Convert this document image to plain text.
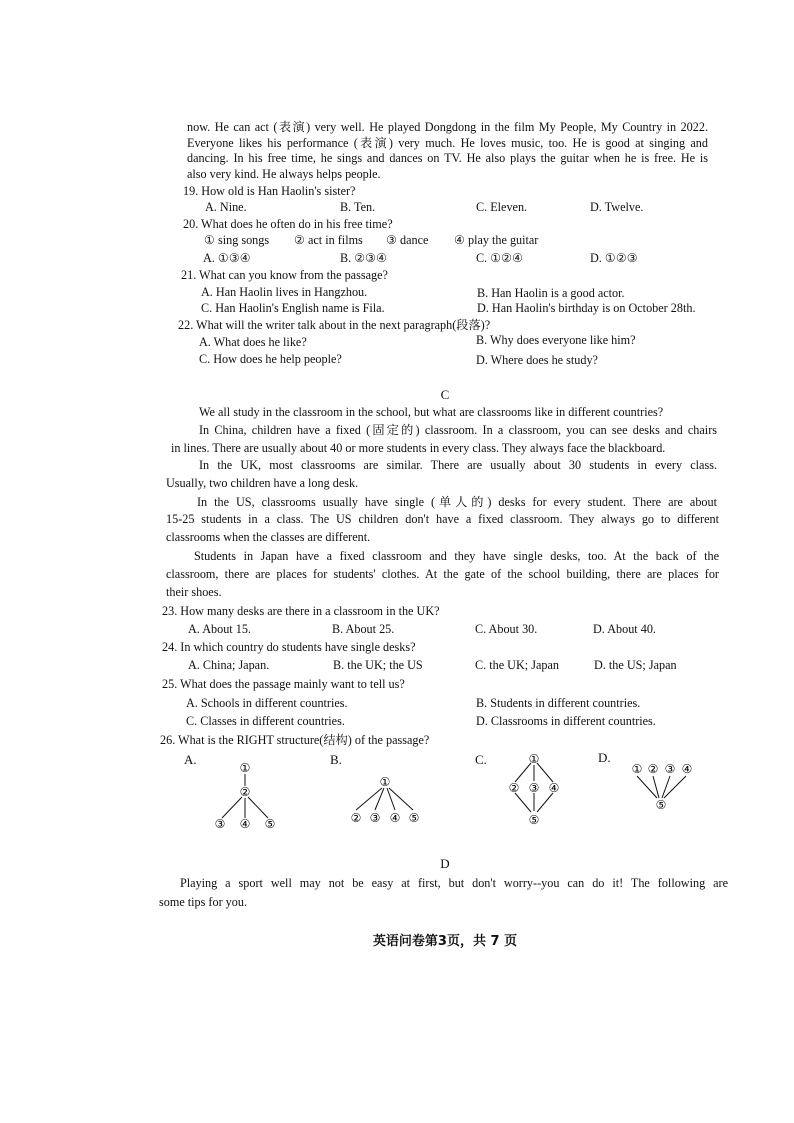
now. He can act (表演) very well. He played Dongdong in the film My People, My Country in 2022.
Everyone likes his performance (表演) very much. He loves music, too. He is good at singing and
dancing. In his free time, he sings and dances on TV. He also plays the guitar when he is free. He is
also very kind. He always helps people.
19. How old is Han Haolin's sister?
A. Nine.	B. Ten.	C. Eleven.	D. Twelve.
20. What does he often do in his free time?
① sing songs ② act in films ③ dance ④ play the guitar
A. ①③④	B. ②③④	C. ①②④	D. ①②③
21. What can you know from the passage?
A. Han Haolin lives in Hangzhou.	B. Han Haolin is a good actor.
C. Han Haolin's English name is Fila.	D. Han Haolin's birthday is on October 28th.
22. What will the writer talk about in the next paragraph(段落)?
A. What does he like?	B. Why does everyone like him?
C. How does he help people?	D. Where does he study?
C
We all study in the classroom in the school, but what are classrooms like in different countries?
In China, children have a fixed (固定的) classroom. In a classroom, you can see desks and chairs
in lines. There are usually about 40 or more students in every class. They always face the blackboard.
In the UK, most classrooms are similar. There are usually about 30 students in every class.
Usually, two children have a long desk.
In the US, classrooms usually have single (单人的) desks for every student. There are about
15-25 students in a class. The US children don't have a fixed classroom. They always go to different
classrooms when the classes are different.
Students in Japan have a fixed classroom and they have single desks, too. At the back of the
classroom, there are places for students' clothes. At the gate of the school building, there are places for
their shoes.
23. How many desks are there in a classroom in the UK?
A. About 15.	B. About 25.	C. About 30.	D. About 40.
24. In which country do students have single desks?
A. China; Japan.	B. the UK; the US	C. the UK; Japan	D. the US; Japan
25. What does the passage mainly want to tell us?
A. Schools in different countries.	B. Students in different countries.
C. Classes in different countries.	D. Classrooms in different countries.
26. What is the RIGHT structure(结构) of the passage?
A.	B.	C.	D.
①
②
③ ④ ⑤
①
② ③ ④ ⑤
①
② ③ ④
⑤
① ② ③ ④
⑤
D
Playing a sport well may not be easy at first, but don't worry--you can do it! The following are
some tips for you.
英语问卷第3页，共 7 页
